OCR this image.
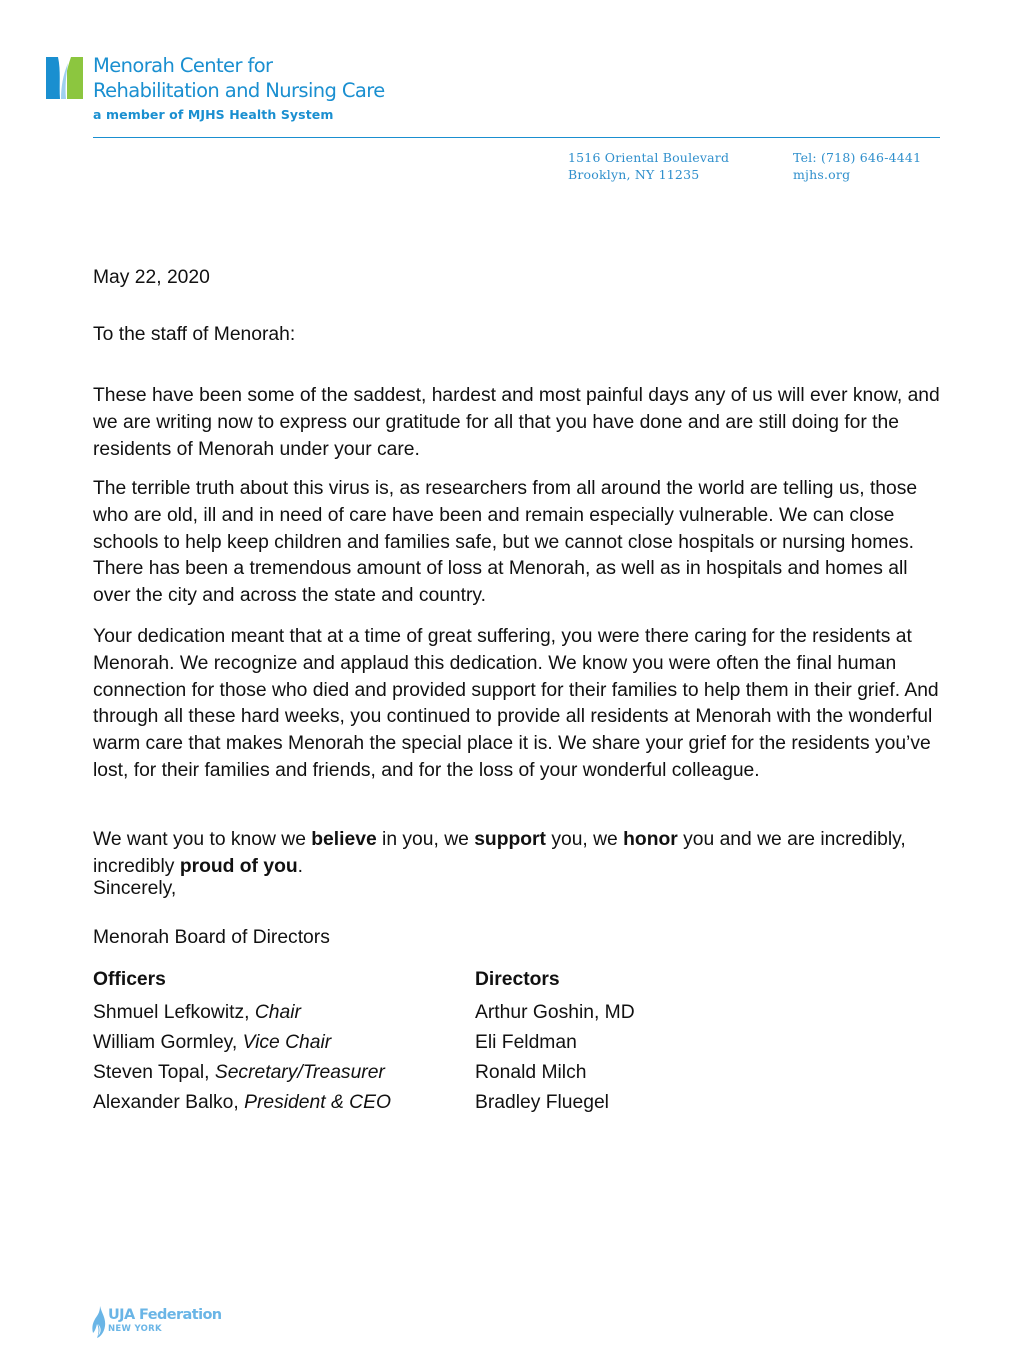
Menorah Center for
Rehabilitation and Nursing Care
a member of MJHS Health System
1516 Oriental Boulevard
Brooklyn, NY 11235
Tel: (718) 646-4441
mjhs.org
May 22, 2020
To the staff of Menorah:

These have been some of the saddest, hardest and most painful days any of us will ever know, and we are writing now to express our gratitude for all that you have done and are still doing for the residents of Menorah under your care.

The terrible truth about this virus is, as researchers from all around the world are telling us, those who are old, ill and in need of care have been and remain especially vulnerable. We can close schools to help keep children and families safe, but we cannot close hospitals or nursing homes. There has been a tremendous amount of loss at Menorah, as well as in hospitals and homes all over the city and across the state and country.

Your dedication meant that at a time of great suffering, you were there caring for the residents at Menorah. We recognize and applaud this dedication. We know you were often the final human connection for those who died and provided support for their families to help them in their grief. And through all these hard weeks, you continued to provide all residents at Menorah with the wonderful warm care that makes Menorah the special place it is. We share your grief for the residents you’ve lost, for their families and friends, and for the loss of your wonderful colleague.

We want you to know we believe in you, we support you, we honor you and we are incredibly, incredibly proud of you.

Sincerely,
Menorah Board of Directors
Officers
Shmuel Lefkowitz, Chair
William Gormley, Vice Chair
Steven Topal, Secretary/Treasurer
Alexander Balko, President & CEO
Directors
Arthur Goshin, MD
Eli Feldman
Ronald Milch
Bradley Fluegel
UJA Federation
NEW YORK
